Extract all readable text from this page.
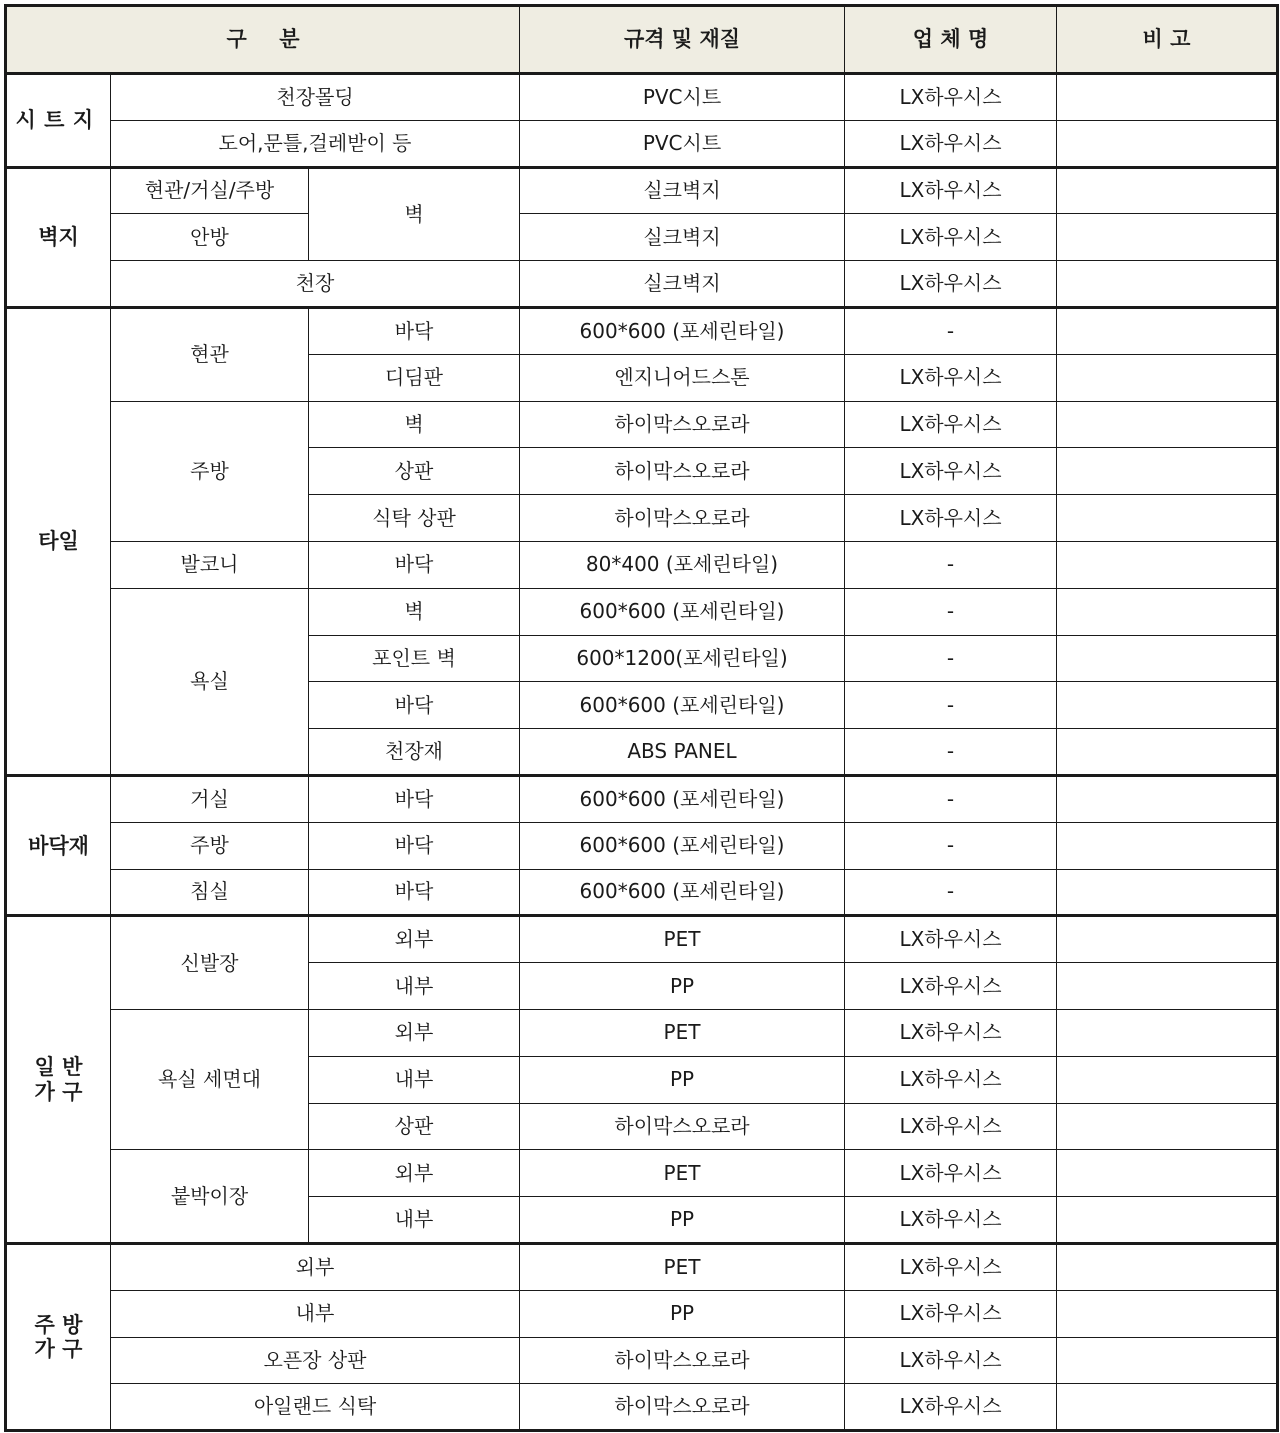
구 분			규격 및 재질	업 체 명	비 고
시트지	천장몰딩		PVC시트	LX하우시스	
	도어,문틀,걸레받이 등		PVC시트	LX하우시스	
벽지	현관/거실/주방	벽	실크벽지	LX하우시스	
	안방		실크벽지	LX하우시스	
	천장		실크벽지	LX하우시스	
타일	현관	바닥	600*600 (포세린타일)	-	
		디딤판	엔지니어드스톤	LX하우시스	
	주방	벽	하이막스오로라	LX하우시스	
		상판	하이막스오로라	LX하우시스	
		식탁 상판	하이막스오로라	LX하우시스	
	발코니	바닥	80*400 (포세린타일)	-	
	욕실	벽	600*600 (포세린타일)	-	
		포인트 벽	600*1200(포세린타일)	-	
		바닥	600*600 (포세린타일)	-	
		천장재	ABS PANEL	-	
바닥재	거실	바닥	600*600 (포세린타일)	-	
	주방	바닥	600*600 (포세린타일)	-	
	침실	바닥	600*600 (포세린타일)	-	

일 반
가 구	신발장	외부	PET	LX하우시스	
		내부	PP	LX하우시스	
	욕실 세면대	외부	PET	LX하우시스	
		내부	PP	LX하우시스	
		상판	하이막스오로라	LX하우시스	
	붙박이장	외부	PET	LX하우시스	
		내부	PP	LX하우시스	

주 방
가 구	외부		PET	LX하우시스	
	내부		PP	LX하우시스	
	오픈장 상판		하이막스오로라	LX하우시스	
	아일랜드 식탁		하이막스오로라	LX하우시스	
